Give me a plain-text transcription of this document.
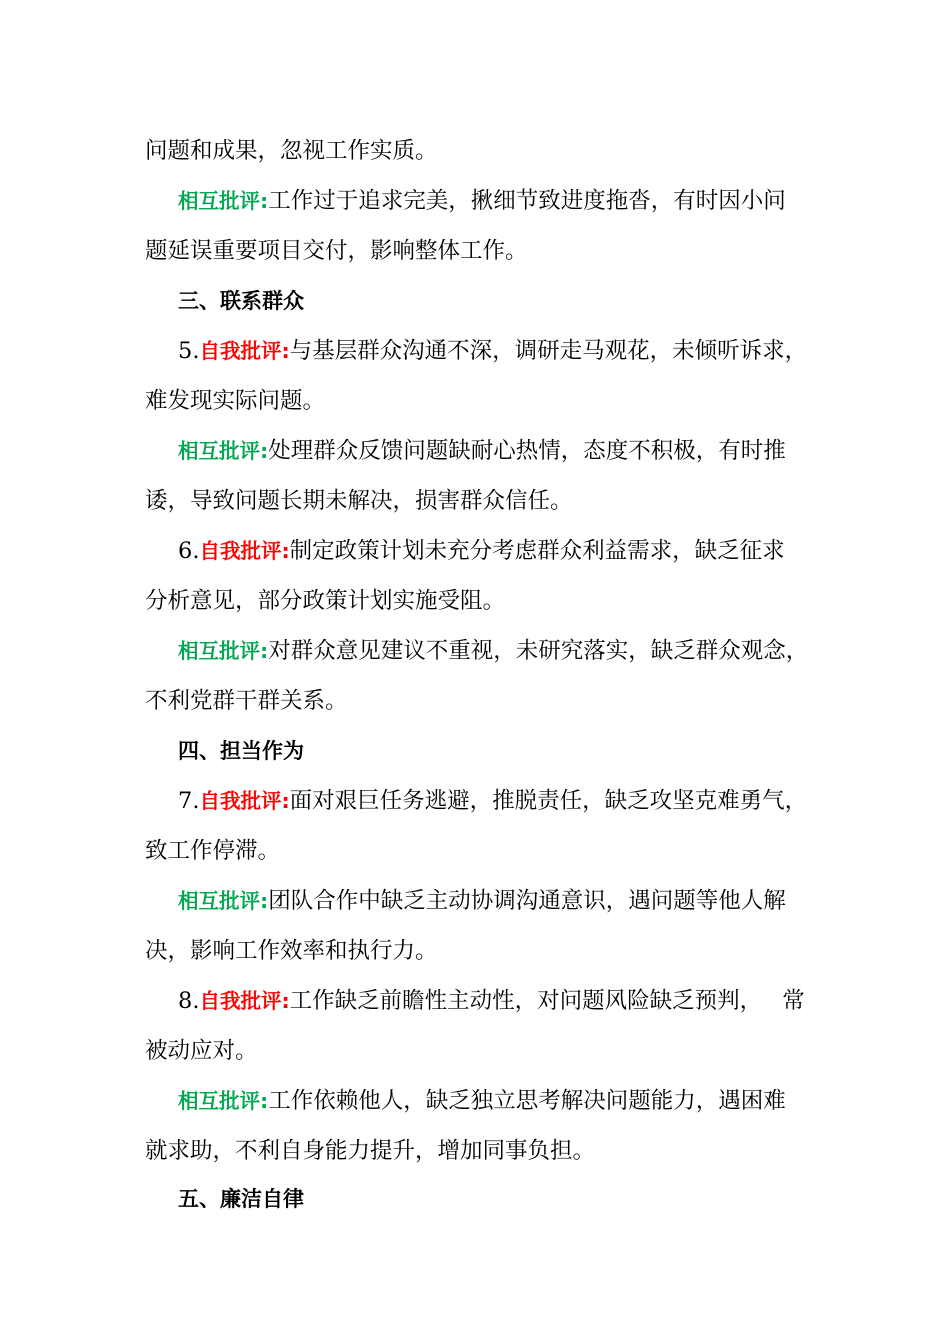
问题和成果，忽视工作实质。
相互批评:工作过于追求完美，揪细节致进度拖沓，有时因小问
题延误重要项目交付，影响整体工作。
三、联系群众
5.自我批评:与基层群众沟通不深，调研走马观花，未倾听诉求，
难发现实际问题。
相互批评:处理群众反馈问题缺耐心热情，态度不积极，有时推
诿，导致问题长期未解决，损害群众信任。
6.自我批评:制定政策计划未充分考虑群众利益需求，缺乏征求
分析意见，部分政策计划实施受阻。
相互批评:对群众意见建议不重视，未研究落实，缺乏群众观念，
不利党群干群关系。
四、担当作为
7.自我批评:面对艰巨任务逃避，推脱责任，缺乏攻坚克难勇气，
致工作停滞。
相互批评:团队合作中缺乏主动协调沟通意识，遇问题等他人解
决，影响工作效率和执行力。
8.自我批评:工作缺乏前瞻性主动性，对问题风险缺乏预判， 常
被动应对。
相互批评:工作依赖他人，缺乏独立思考解决问题能力，遇困难
就求助，不利自身能力提升，增加同事负担。
五、廉洁自律
